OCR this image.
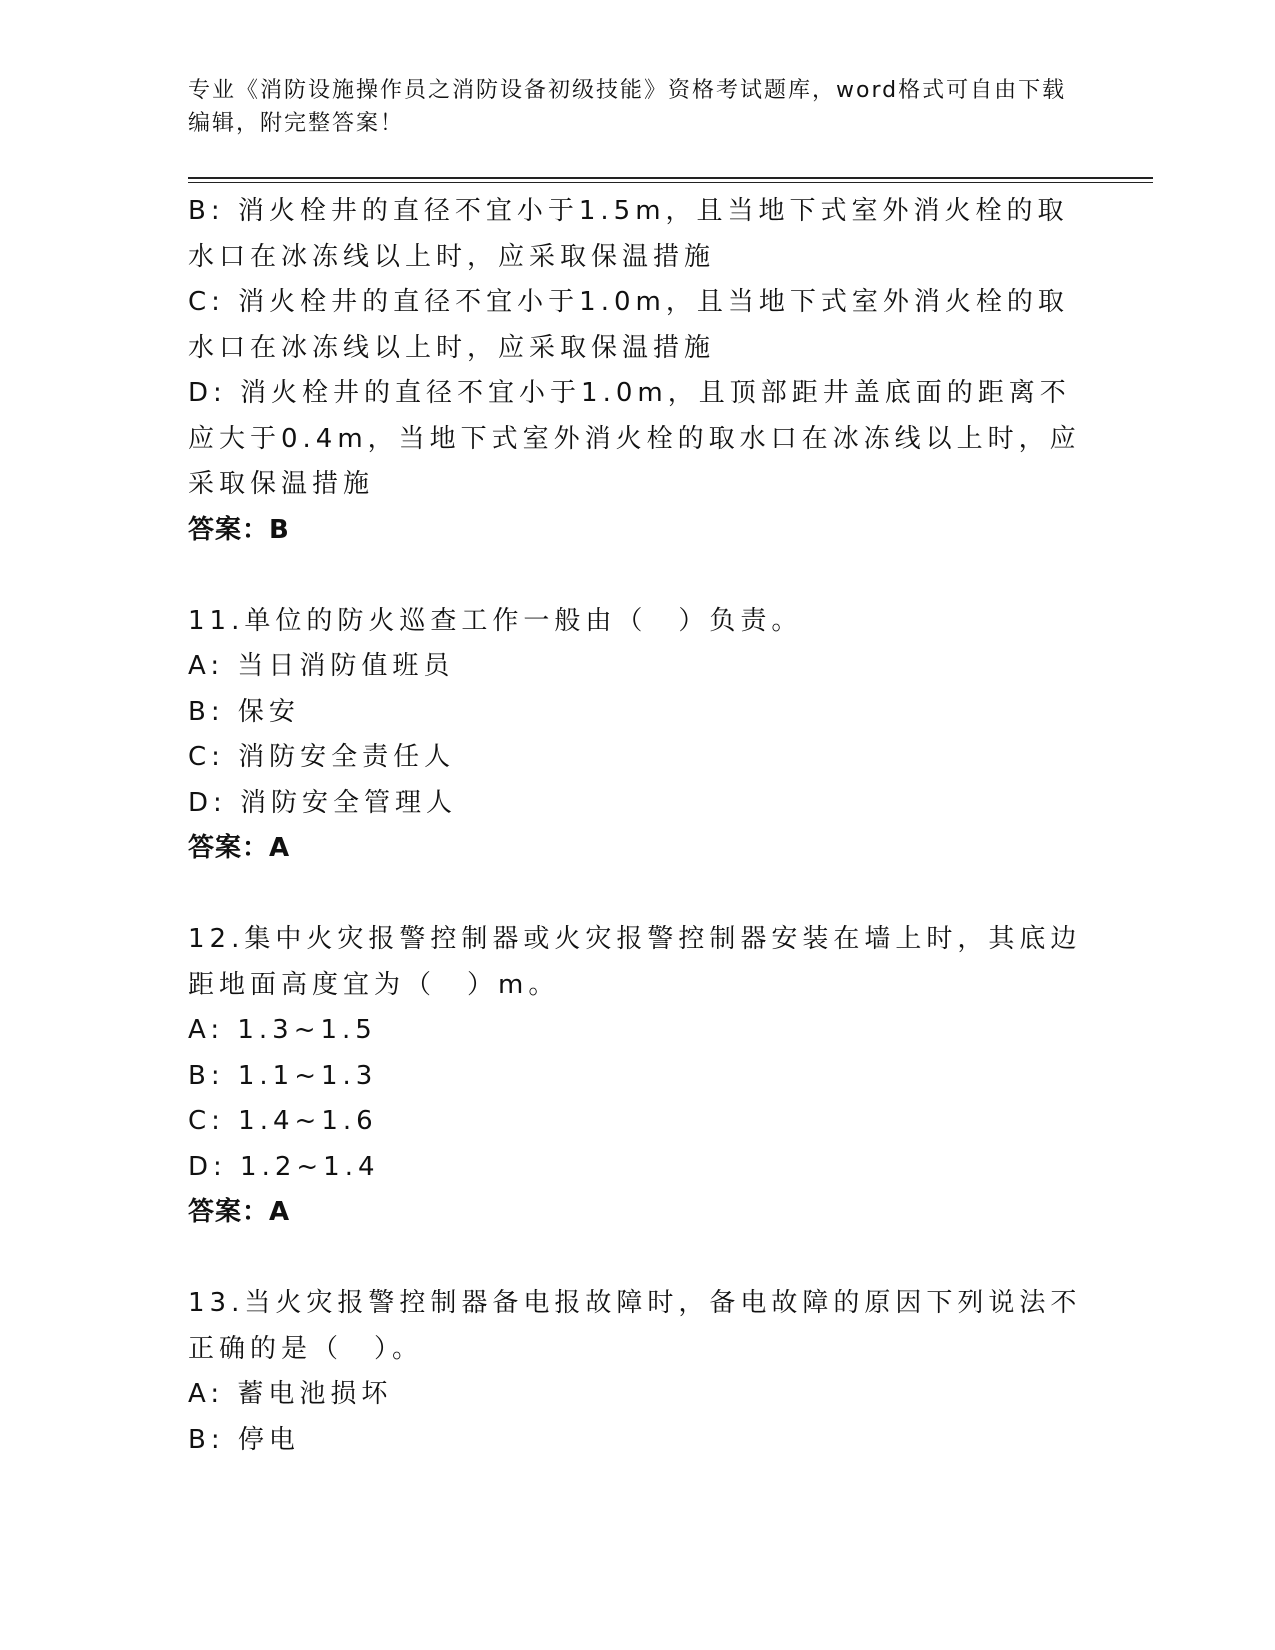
专业《消防设施操作员之消防设备初级技能》资格考试题库，word格式可自由下载编辑，附完整答案！
B: 消火栓井的直径不宜小于1.5m，且当地下式室外消火栓的取水口在冰冻线以上时，应采取保温措施
C: 消火栓井的直径不宜小于1.0m，且当地下式室外消火栓的取水口在冰冻线以上时，应采取保温措施
D: 消火栓井的直径不宜小于1.0m，且顶部距井盖底面的距离不应大于0.4m，当地下式室外消火栓的取水口在冰冻线以上时，应采取保温措施
答案：B
11.单位的防火巡查工作一般由（　）负责。
A: 当日消防值班员
B: 保安
C: 消防安全责任人
D: 消防安全管理人
答案：A
12.集中火灾报警控制器或火灾报警控制器安装在墙上时，其底边距地面高度宜为（　）m。
A: 1.3~1.5
B: 1.1~1.3
C: 1.4~1.6
D: 1.2~1.4
答案：A
13.当火灾报警控制器备电报故障时，备电故障的原因下列说法不正确的是（　）。
A: 蓄电池损坏
B: 停电
